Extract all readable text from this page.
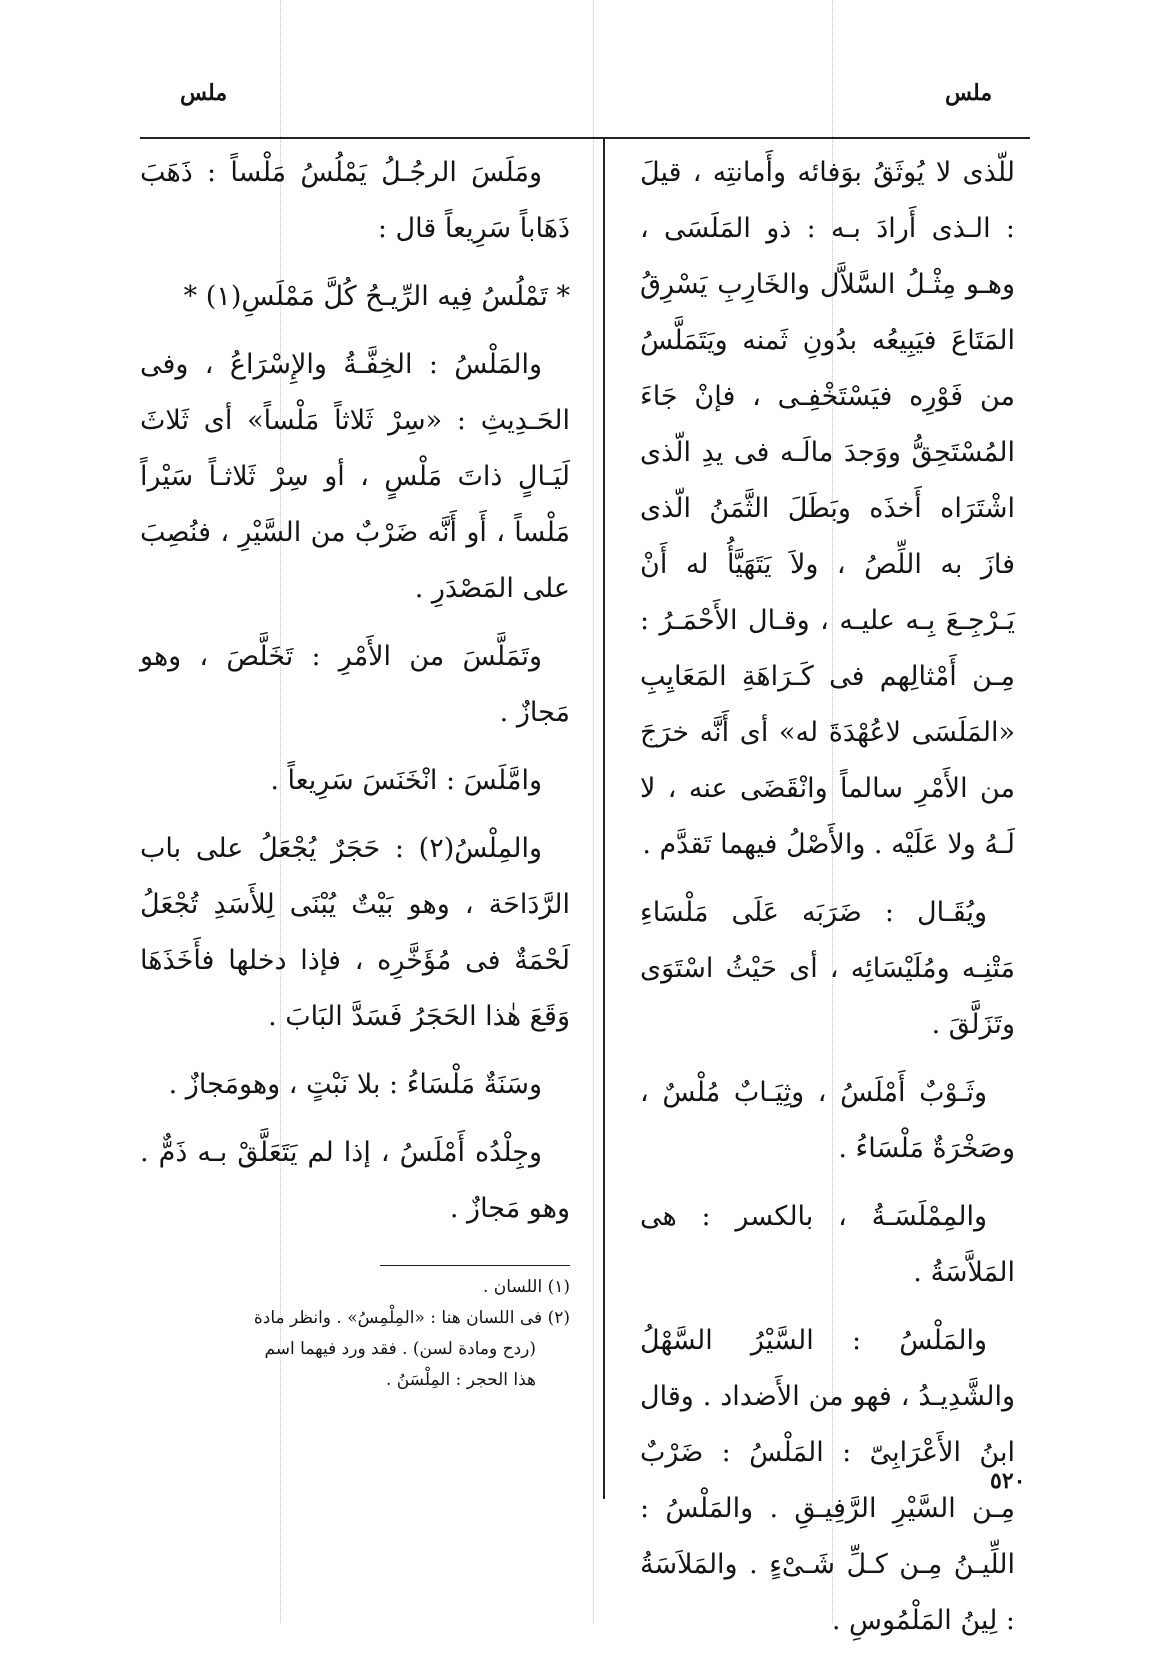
ملس
ملس

للّذى لا يُوثَقُ بوَفائه وأَمانتِه ، قيلَ : الـذى أَرادَ بـه : ذو المَلَسَى ، وهـو مِثْـلُ السَّلاَّل والخَارِبِ يَسْرِقُ المَتَاعَ فيَبِيعُه بدُونِ ثَمنه ويَتَمَلَّسُ من فَوْرِه فيَسْتَخْفِـى ، فإنْ جَاءَ المُسْتَحِقُّ ووَجدَ مالَـه فى يدِ الّذى اشْتَرَاه أَخذَه وبَطَلَ الثَّمَنُ الّذى فازَ به اللِّصُ ، ولاَ يَتَهَيَّأُ له أَنْ يَـرْجِـعَ بِـه عليـه ، وقـال الأَحْمَـرُ : مِـن أَمْثالِهم فى كَـرَاهَةِ المَعَايِبِ «المَلَسَى لاعُهْدَةَ له» أى أَنَّه خرَجَ من الأَمْرِ سالماً وانْقَضَى عنه ، لا لَـهُ ولا عَلَيْه . والأَصْلُ فيهما تَقدَّم .

ويُقَـال : ضَرَبَه عَلَى مَلْسَاءِ مَتْنِـه ومُلَيْسَائِه ، أى حَيْثُ اسْتَوَى وتَزَلَّقَ .

وثَـوْبٌ أَمْلَسُ ، وثِيَـابٌ مُلْسٌ ، وصَخْرَةٌ مَلْسَاءُ .

والمِمْلَسَـةُ ، بالكسر : هى المَلاَّسَةُ .

والمَلْسُ : السَّيْرُ السَّهْلُ والشَّدِيـدُ ، فهو من الأَضداد . وقال ابنُ الأَعْرَابِىّ : المَلْسُ : ضَرْبٌ مِـن السَّيْرِ الرَّفِيـقِ . والمَلْسُ : اللِّيـنُ مِـن كـلِّ شَـىْءٍ . والمَلاَسَةُ : لِينُ المَلْمُوسِ .

ومَلَسَ الرجُـلُ يَمْلُسُ مَلْساً : ذَهَبَ ذَهَاباً سَرِيعاً قال :

* تَمْلُسُ فِيه الرِّيـحُ كُلَّ مَمْلَسِ(١) *

والمَلْسُ : الخِفَّـةُ والإِسْرَاعُ ، وفى الحَـدِيثِ : «سِرْ ثَلاثاً مَلْساً» أى ثَلاثَ لَيَـالٍ ذاتَ مَلْسٍ ، أو سِرْ ثَلاثـاً سَيْراً مَلْساً ، أَو أَنَّه ضَرْبٌ من السَّيْرِ ، فنُصِبَ على المَصْدَرِ .

وتَمَلَّسَ من الأَمْرِ : تَخَلَّصَ ، وهو مَجازٌ .

وامَّلَسَ : انْخَنَسَ سَرِيعاً .

والمِلْسُ(٢) : حَجَرٌ يُجْعَلُ على باب الرَّدَاحَة ، وهو بَيْتٌ يُبْنَى لِلأَسَدِ تُجْعَلُ لَحْمَةٌ فى مُؤَخَّرِه ، فإذا دخلها فأَخَذَهَا وَقَعَ هٰذا الحَجَرُ فَسَدَّ البَابَ .

وسَنَةٌ مَلْسَاءُ : بلا نَبْتٍ ، وهومَجازٌ .

وجِلْدُه أَمْلَسُ ، إذا لم يَتَعَلَّقْ بـه ذَمٌّ . وهو مَجازٌ .

(١) اللسان .

(٢) فى اللسان هنا : «المِلْمِسُ» . وانظر مادة

(ردح ومادة لسن) . فقد ورد فيهما اسم

هذا الحجر : المِلْسَنُ .

٥٢٠
